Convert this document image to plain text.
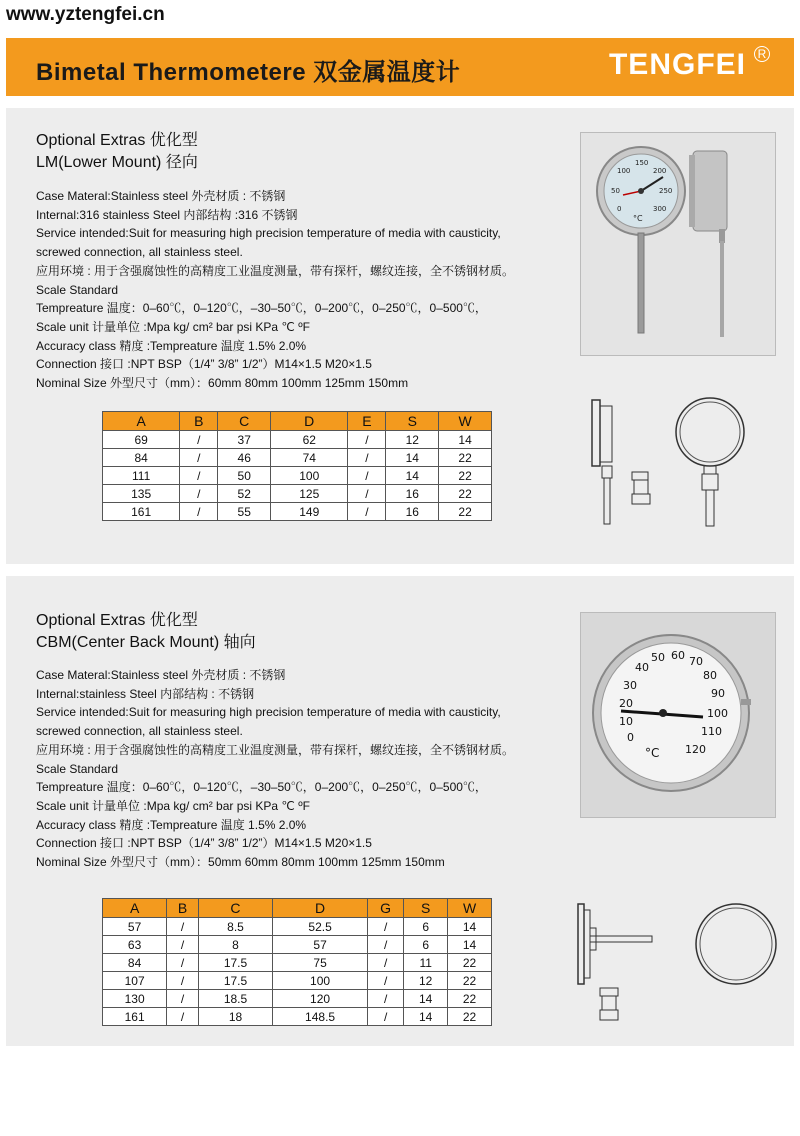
www.yztengfei.cn
Bimetal Thermometere 双金属温度计	TENGFEI R
Optional Extras 优化型
LM(Lower Mount) 径向
Case Materal:Stainless steel 外壳材质 : 不锈钢
Internal:316 stainless Steel 内部结构 :316 不锈钢
Service intended:Suit for measuring high precision temperature of media with causticity,
screwed connection, all stainless steel.
应用环境 : 用于含强腐蚀性的高精度工业温度测量，带有探杆，螺纹连接，全不锈钢材质。
Scale Standard
Tempreature 温度：0–60℃，0–120℃，–30–50℃，0–200℃，0–250℃，0–500℃，
Scale unit 计量单位 :Mpa kg/ cm² bar psi KPa ℃ ºF
Accuracy class 精度 :Tempreature 温度 1.5% 2.0%
Connection 接口 :NPT BSP（1/4” 3/8” 1/2”）M14×1.5 M20×1.5
Nominal Size 外型尺寸（mm）：60mm 80mm 100mm 125mm 150mm
A	B	C	D	E	S	W
69	/	37	62	/	12	14
84	/	46	74	/	14	22
111	/	50	100	/	14	22
135	/	52	125	/	16	22
161	/	55	149	/	16	22
°C
0
50
100
150
200
250
300
Optional Extras 优化型
CBM(Center Back Mount) 轴向
Case Materal:Stainless steel 外壳材质 : 不锈钢
Internal:stainless Steel 内部结构 : 不锈钢
Service intended:Suit for measuring high precision temperature of media with causticity,
screwed connection, all stainless steel.
应用环境 : 用于含强腐蚀性的高精度工业温度测量，带有探杆，螺纹连接，全不锈钢材质。
Scale Standard
Tempreature 温度：0–60℃，0–120℃，–30–50℃，0–200℃，0–250℃，0–500℃，
Scale unit 计量单位 :Mpa kg/ cm² bar psi KPa ℃ ºF
Accuracy class 精度 :Tempreature 温度 1.5% 2.0%
Connection 接口 :NPT BSP（1/4” 3/8” 1/2”）M14×1.5 M20×1.5
Nominal Size 外型尺寸（mm）：50mm 60mm 80mm 100mm 125mm 150mm
A	B	C	D	G	S	W
57	/	8.5	52.5	/	6	14
63	/	8	57	/	6	14
84	/	17.5	75	/	11	22
107	/	17.5	100	/	12	22
130	/	18.5	120	/	14	22
161	/	18	148.5	/	14	22
0
10
20
30
40
50 60 70
80
90
100
110
120
°C
